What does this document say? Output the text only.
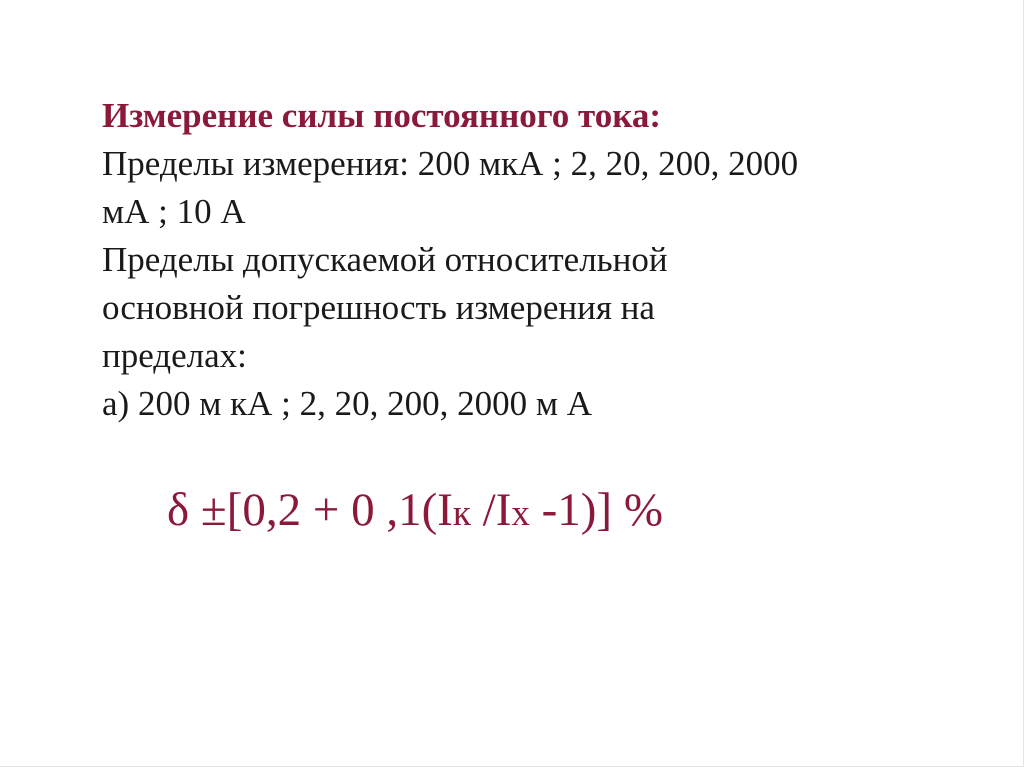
Измерение силы постоянного тока:
Пределы измерения: 200 мкА ; 2, 20, 200, 2000
мА ; 10 А
Пределы допускаемой относительной
основной погрешность измерения на
пределах:
а) 200 м кА ; 2, 20, 200, 2000 м А
δ ±[0,2 + 0 ,1(Iк /Iх -1)] %
